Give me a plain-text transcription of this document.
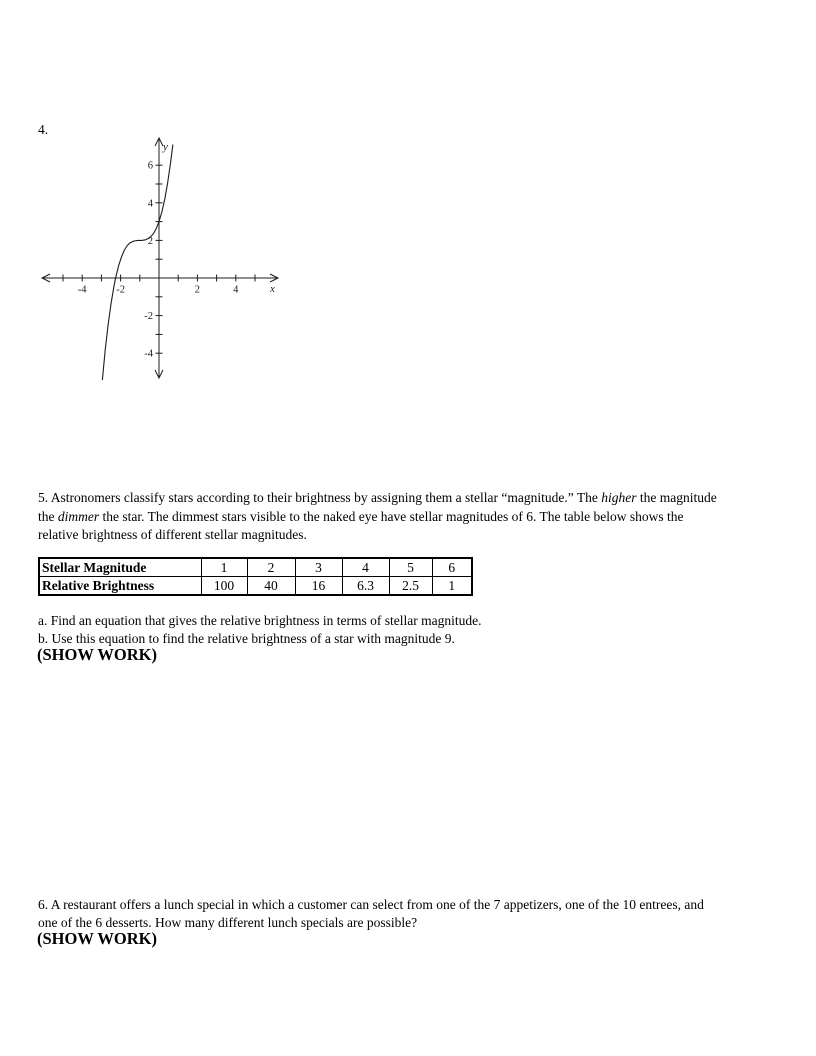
4.
-4	-2	2	4
6
4
2
-2
-4
x
y
5. Astronomers classify stars according to their brightness by assigning them a stellar “magnitude.” The higher the magnitude
the dimmer the star. The dimmest stars visible to the naked eye have stellar magnitudes of 6. The table below shows the
relative brightness of different stellar magnitudes.
Stellar Magnitude	1	2	3	4	5	6
Relative Brightness	100	40	16	6.3	2.5	1
a. Find an equation that gives the relative brightness in terms of stellar magnitude.
b. Use this equation to find the relative brightness of a star with magnitude 9.
(SHOW WORK)
6. A restaurant offers a lunch special in which a customer can select from one of the 7 appetizers, one of the 10 entrees, and
one of the 6 desserts. How many different lunch specials are possible?
(SHOW WORK)
